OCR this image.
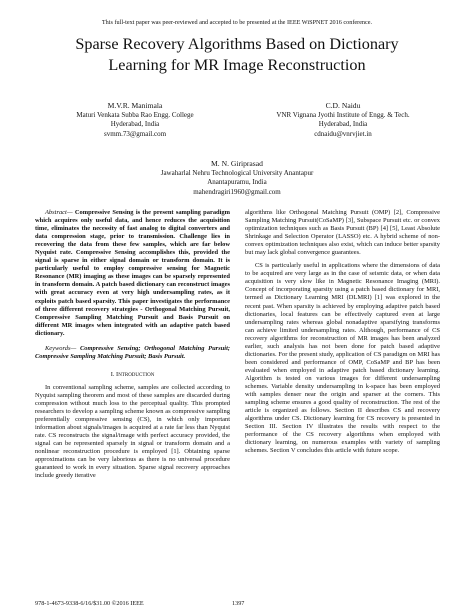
This full-text paper was peer-reviewed and accepted to be presented at the IEEE WiSPNET 2016 conference.
Sparse Recovery Algorithms Based on Dictionary
Learning for MR Image Reconstruction
M.V.R. Manimala
Maturi Venkata Subba Rao Engg. College
Hyderabad, India
svmm.73@gmail.com
C.D. Naidu
VNR Vignana Jyothi Institute of Engg. & Tech.
Hyderabad, India
cdnaidu@vnrvjiet.in
M. N. Giriprasad
Jawaharlal Nehru Technological University Anantapur
Anantapuramu, India
mahendragiri1960@gmail.com

Abstract— Compressive Sensing is the present sampling paradigm which acquires only useful data, and hence reduces the acquisition time, eliminates the necessity of fast analog to digital converters and data compression stage, prior to transmission. Challenge lies in recovering the data from these few samples, which are far below Nyquist rate. Compressive Sensing accomplishes this, provided the signal is sparse in either signal domain or transform domain. It is particularly useful to employ compressive sensing for Magnetic Resonance (MR) imaging as these images can be sparsely represented in transform domain. A patch based dictionary can reconstruct images with great accuracy even at very high undersampling rates, as it exploits patch based sparsity. This paper investigates the performance of three different recovery strategies - Orthogonal Matching Pursuit, Compressive Sampling Matching Pursuit and Basis Pursuit on different MR images when integrated with an adaptive patch based dictionary.

Keywords— Compressive Sensing; Orthogonal Matching Pursuit; Compressive Sampling Matching Pursuit; Basis Pursuit.

I. Introduction

In conventional sampling scheme, samples are collected according to Nyquist sampling theorem and most of these samples are discarded during compression without much loss to the perceptual quality. This prompted researchers to develop a sampling scheme known as compressive sampling preferentially compressive sensing (CS), in which only important information about signals/images is acquired at a rate far less than Nyquist rate. CS reconstructs the signal/image with perfect accuracy provided, the signal can be represented sparsely in signal or transform domain and a nonlinear reconstruction procedure is employed [1]. Obtaining sparse approximations can be very laborious as there is no universal procedure guaranteed to work in every situation. Sparse signal recovery approaches include greedy iterative

algorithms like Orthogonal Matching Pursuit (OMP) [2], Compressive Sampling Matching Pursuit(CoSaMP) [3], Subspace Pursuit etc. or convex optimization techniques such as Basis Pursuit (BP) [4] [5], Least Absolute Shrinkage and Selection Operator (LASSO) etc. A hybrid scheme of non-convex optimization techniques also exist, which can induce better sparsity but may lack global convergence guarantees.

CS is particularly useful in applications where the dimensions of data to be acquired are very large as in the case of seismic data, or when data acquisition is very slow like in Magnetic Resonance Imaging (MRI). Concept of incorporating sparsity using a patch based dictionary for MRI, termed as Dictionary Learning MRI (DLMRI) [1] was explored in the recent past. When sparsity is achieved by employing adaptive patch based dictionaries, local features can be effectively captured even at large undersampling rates whereas global nonadaptive sparsifying transforms can achieve limited undersampling rates. Although, performance of CS recovery algorithms for reconstruction of MR images has been analyzed earlier, such analysis has not been done for patch based adaptive dictionaries. For the present study, application of CS paradigm on MRI has been considered and performance of OMP, CoSaMP and BP has been evaluated when employed in adaptive patch based dictionary learning. Algorithm is tested on various images for different undersampling schemes. Variable density undersampling in k-space has been employed with samples denser near the origin and sparser at the corners. This sampling scheme ensures a good quality of reconstruction. The rest of the article is organized as follows. Section II describes CS and recovery algorithms under CS. Dictionary learning for CS recovery is presented in Section III. Section IV illustrates the results with respect to the performance of the CS recovery algorithms when employed with dictionary learning, on numerous examples with variety of sampling schemes. Section V concludes this article with future scope.

978-1-4673-9338-6/16/$31.00 ©2016 IEEE	1397
